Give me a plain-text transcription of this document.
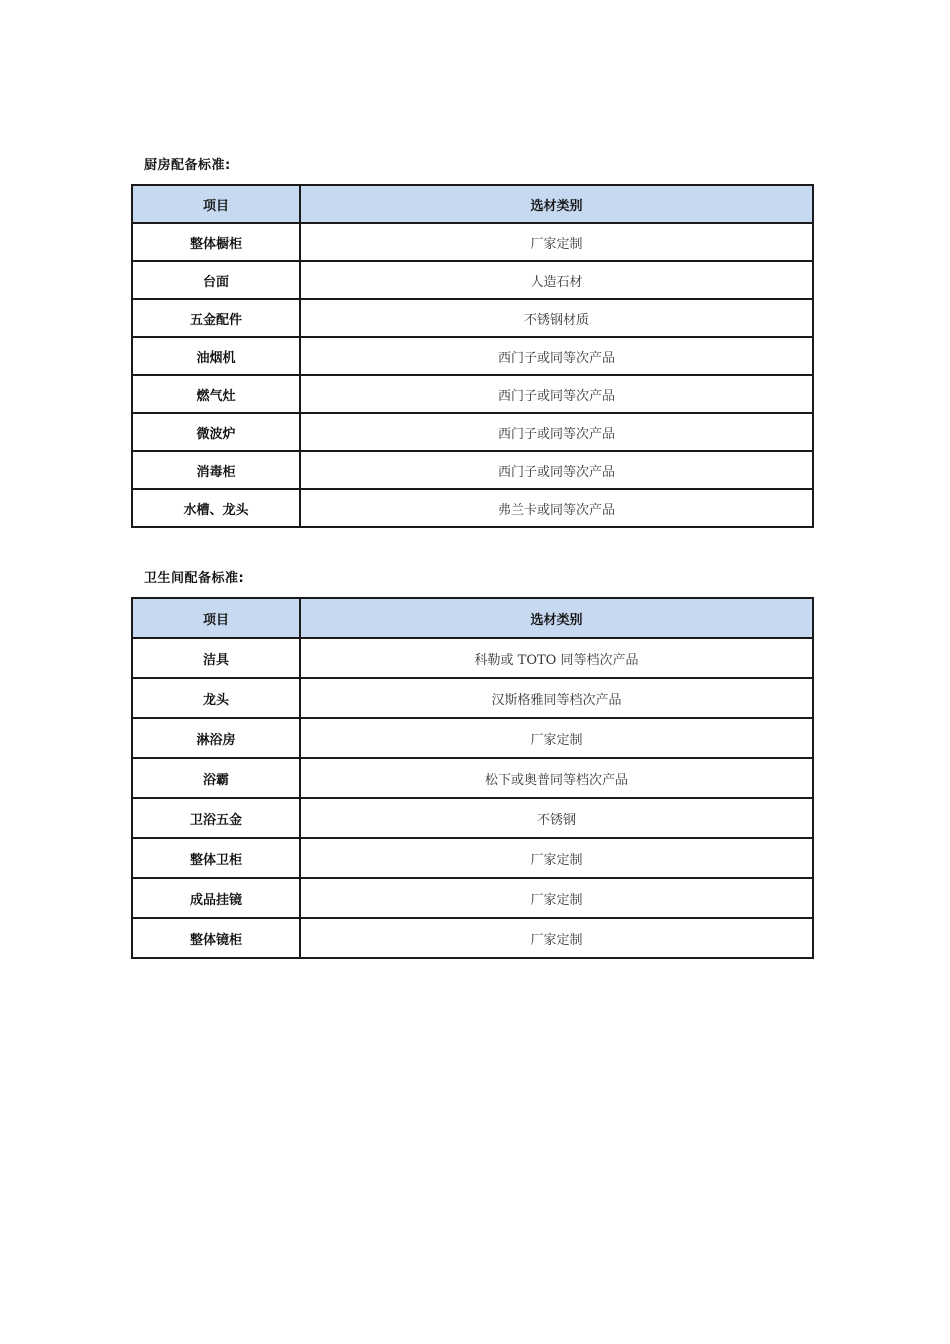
厨房配备标准:
项目	选材类别
整体橱柜	厂家定制
台面	人造石材
五金配件	不锈钢材质
油烟机	西门子或同等次产品
燃气灶	西门子或同等次产品
微波炉	西门子或同等次产品
消毒柜	西门子或同等次产品
水槽、龙头	弗兰卡或同等次产品
卫生间配备标准:
项目	选材类别
洁具	科勒或 TOTO 同等档次产品
龙头	汉斯格雅同等档次产品
淋浴房	厂家定制
浴霸	松下或奥普同等档次产品
卫浴五金	不锈钢
整体卫柜	厂家定制
成品挂镜	厂家定制
整体镜柜	厂家定制
